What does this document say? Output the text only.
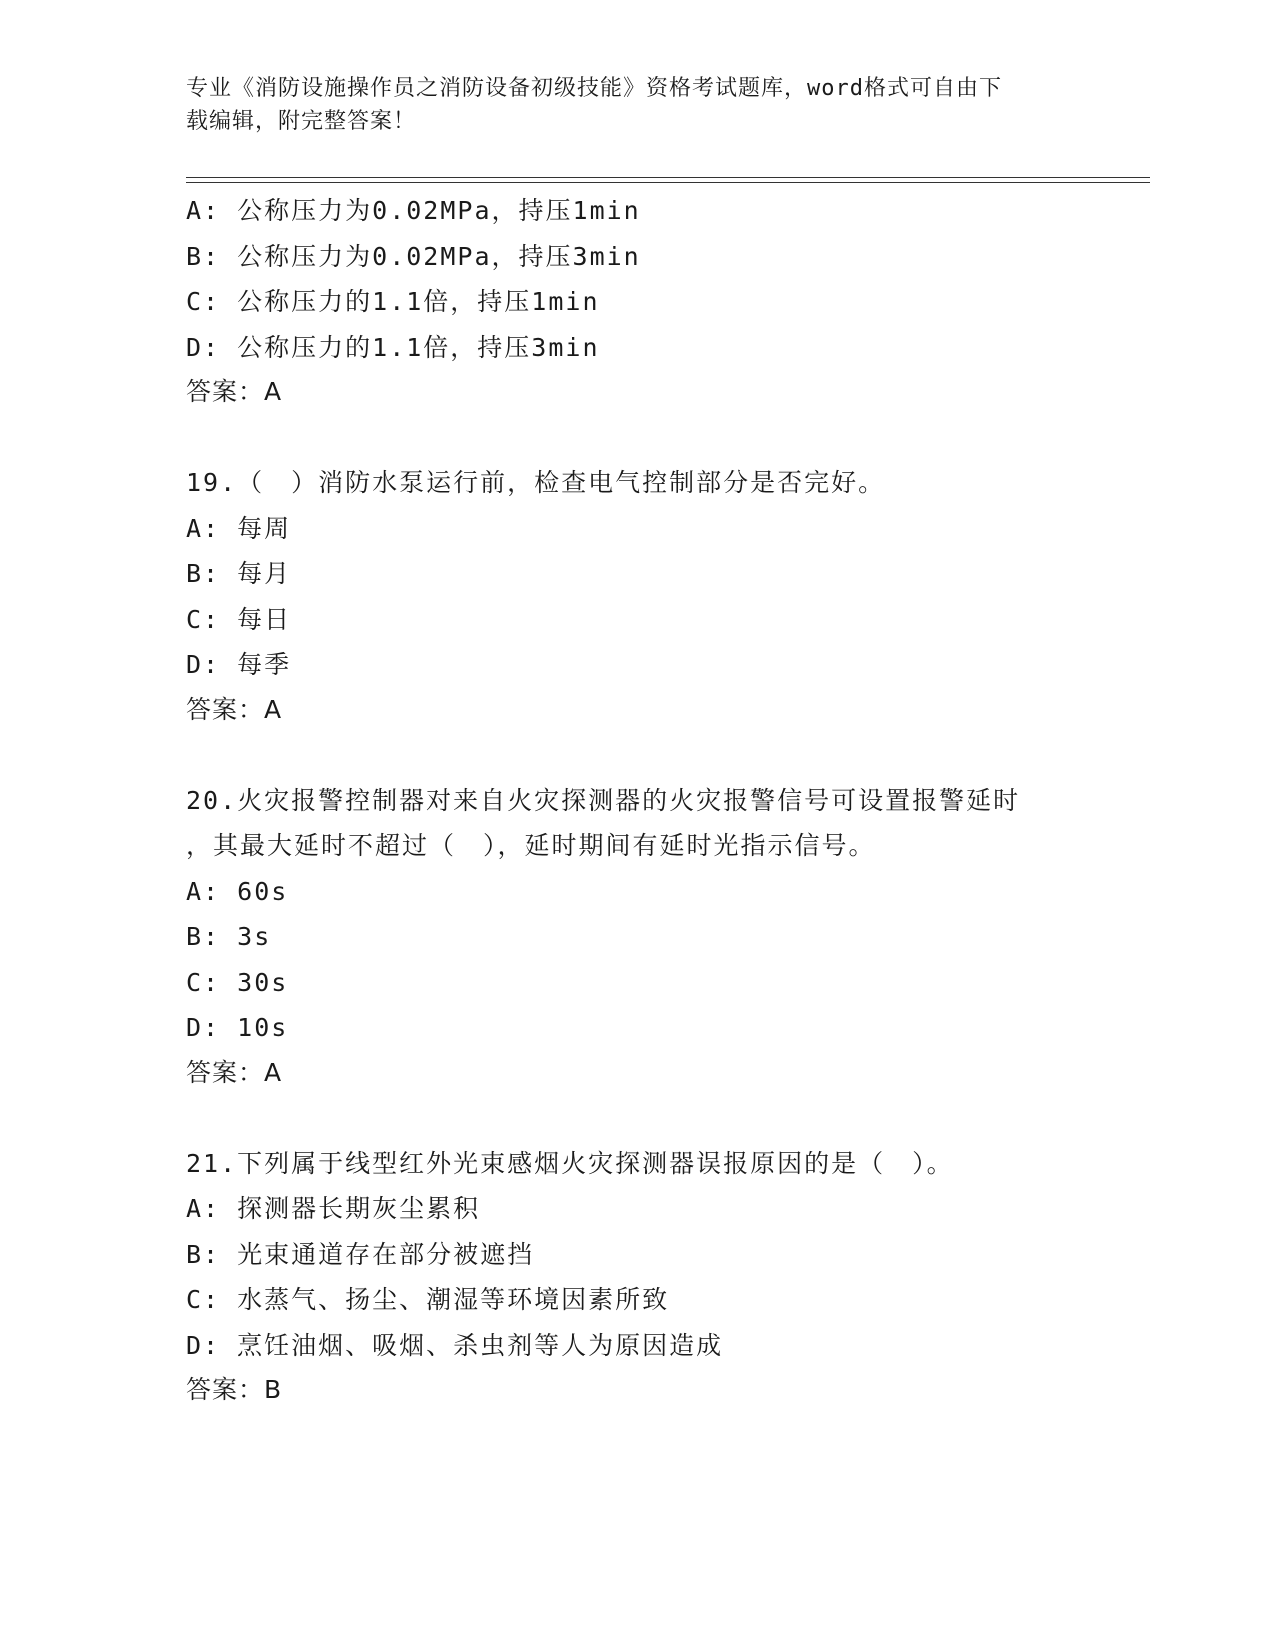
专业《消防设施操作员之消防设备初级技能》资格考试题库，word格式可自由下
载编辑，附完整答案！
A: 公称压力为0.02MPa，持压1min
B: 公称压力为0.02MPa，持压3min
C: 公称压力的1.1倍，持压1min
D: 公称压力的1.1倍，持压3min
答案：A
19.（　）消防水泵运行前，检查电气控制部分是否完好。
A: 每周
B: 每月
C: 每日
D: 每季
答案：A
20.火灾报警控制器对来自火灾探测器的火灾报警信号可设置报警延时
，其最大延时不超过（　），延时期间有延时光指示信号。
A: 60s
B: 3s
C: 30s
D: 10s
答案：A
21.下列属于线型红外光束感烟火灾探测器误报原因的是（　）。
A: 探测器长期灰尘累积
B: 光束通道存在部分被遮挡
C: 水蒸气、扬尘、潮湿等环境因素所致
D: 烹饪油烟、吸烟、杀虫剂等人为原因造成
答案：B
